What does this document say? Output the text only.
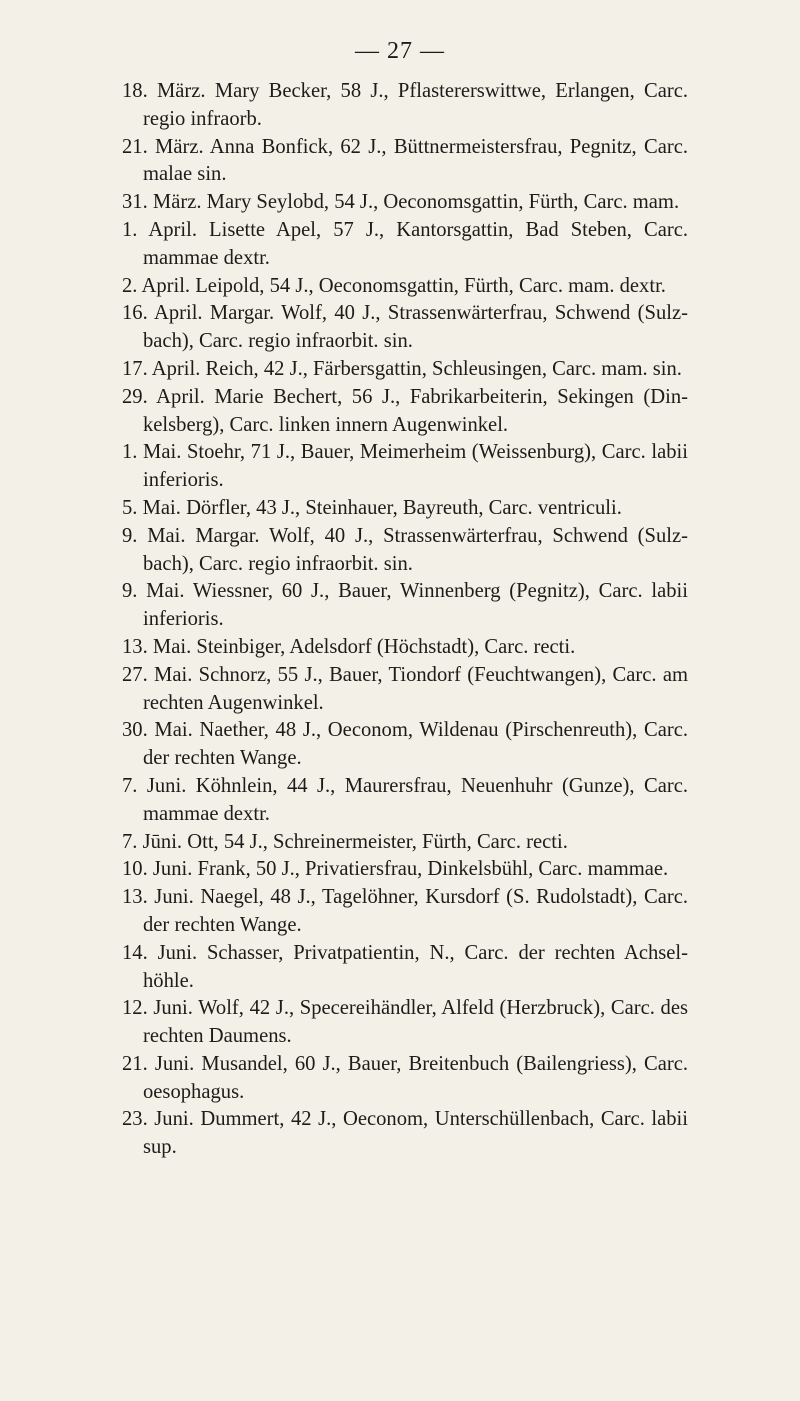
— 27 —

18. März. Mary Becker, 58 J., Pflastererswittwe, Erlangen, Carc. regio infraorb.

21. März. Anna Bonfick, 62 J., Büttnermeistersfrau, Pegnitz, Carc. malae sin.

31. März. Mary Seylobd, 54 J., Oeconomsgattin, Fürth, Carc. mam.

1. April. Lisette Apel, 57 J., Kantorsgattin, Bad Steben, Carc. mammae dextr.

2. April. Leipold, 54 J., Oeconomsgattin, Fürth, Carc. mam. dextr.

16. April. Margar. Wolf, 40 J., Strassenwärterfrau, Schwend (Sulzbach), Carc. regio infraorbit. sin.

17. April. Reich, 42 J., Färbersgattin, Schleusingen, Carc. mam. sin.

29. April. Marie Bechert, 56 J., Fabrikarbeiterin, Sekingen (Dinkelsberg), Carc. linken innern Augenwinkel.

1. Mai. Stoehr, 71 J., Bauer, Meimerheim (Weissenburg), Carc. labii inferioris.

5. Mai. Dörfler, 43 J., Steinhauer, Bayreuth, Carc. ventriculi.

9. Mai. Margar. Wolf, 40 J., Strassenwärterfrau, Schwend (Sulzbach), Carc. regio infraorbit. sin.

9. Mai. Wiessner, 60 J., Bauer, Winnenberg (Pegnitz), Carc. labii inferioris.

13. Mai. Steinbiger, Adelsdorf (Höchstadt), Carc. recti.

27. Mai. Schnorz, 55 J., Bauer, Tiondorf (Feuchtwangen), Carc. am rechten Augenwinkel.

30. Mai. Naether, 48 J., Oeconom, Wildenau (Pirschenreuth), Carc. der rechten Wange.

7. Juni. Köhnlein, 44 J., Maurersfrau, Neuenhuhr (Gunze), Carc. mammae dextr.

7. Jūni. Ott, 54 J., Schreinermeister, Fürth, Carc. recti.

10. Juni. Frank, 50 J., Privatiersfrau, Dinkelsbühl, Carc. mammae.

13. Juni. Naegel, 48 J., Tagelöhner, Kursdorf (S. Rudolstadt), Carc. der rechten Wange.

14. Juni. Schasser, Privatpatientin, N., Carc. der rechten Achselhöhle.

12. Juni. Wolf, 42 J., Specereihändler, Alfeld (Herzbruck), Carc. des rechten Daumens.

21. Juni. Musandel, 60 J., Bauer, Breitenbuch (Bailengriess), Carc. oesophagus.

23. Juni. Dummert, 42 J., Oeconom, Unterschüllenbach, Carc. labii sup.
